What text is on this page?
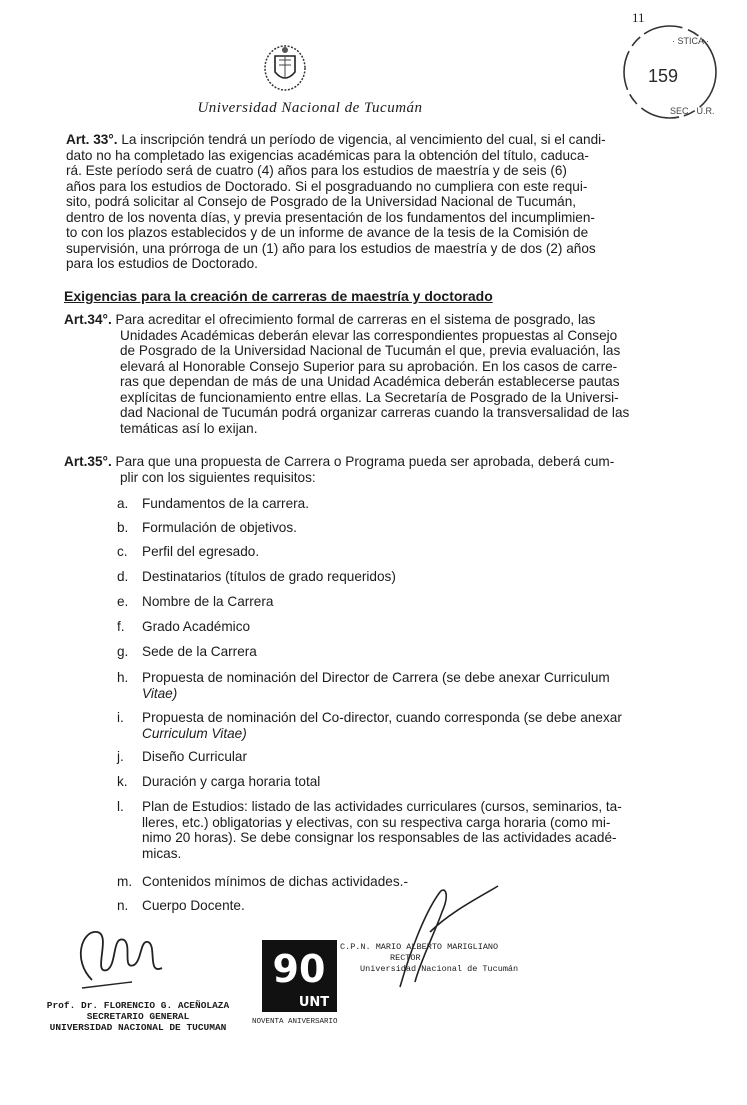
11
Universidad Nacional de Tucumán
· STICA ·
SEC · U.R.
159
Art. 33°. La inscripción tendrá un período de vigencia, al vencimiento del cual, si el candi-
dato no ha completado las exigencias académicas para la obtención del título, caduca-
rá. Este período será de cuatro (4) años para los estudios de maestría y de seis (6)
años para los estudios de Doctorado. Si el posgraduando no cumpliera con este requi-
sito, podrá solicitar al Consejo de Posgrado de la Universidad Nacional de Tucumán,
dentro de los noventa días, y previa presentación de los fundamentos del incumplimien-
to con los plazos establecidos y de un informe de avance de la tesis de la Comisión de
supervisión, una prórroga de un (1) año para los estudios de maestría y de dos (2) años
para los estudios de Doctorado.
Exigencias para la creación de carreras de maestría y doctorado
Art.34°. Para acreditar el ofrecimiento formal de carreras en el sistema de posgrado, las
Unidades Académicas deberán elevar las correspondientes propuestas al Consejo
de Posgrado de la Universidad Nacional de Tucumán el que, previa evaluación, las
elevará al Honorable Consejo Superior para su aprobación. En los casos de carre-
ras que dependan de más de una Unidad Académica deberán establecerse pautas
explícitas de funcionamiento entre ellas. La Secretaría de Posgrado de la Universi-
dad Nacional de Tucumán podrá organizar carreras cuando la transversalidad de las
temáticas así lo exijan.
Art.35°. Para que una propuesta de Carrera o Programa pueda ser aprobada, deberá cum-
plir con los siguientes requisitos:
a.	Fundamentos de la carrera.
b.	Formulación de objetivos.
c.	Perfil del egresado.
d.	Destinatarios (títulos de grado requeridos)
e.	Nombre de la Carrera
f.	Grado Académico
g.	Sede de la Carrera
h.	Propuesta de nominación del Director de Carrera (se debe anexar Curriculum
Vitae)
i.	Propuesta de nominación del Co-director, cuando corresponda (se debe anexar
Curriculum Vitae)
j.	Diseño Curricular
k.	Duración y carga horaria total
l.	Plan de Estudios: listado de las actividades curriculares (cursos, seminarios, ta-
lleres, etc.) obligatorias y electivas, con su respectiva carga horaria (como mi-
nimo 20 horas). Se debe consignar los responsables de las actividades acadé-
micas.
m. Contenidos mínimos de dichas actividades.-
n.	Cuerpo Docente.
Prof. Dr. FLORENCIO G. ACEÑOLAZA
SECRETARIO GENERAL
UNIVERSIDAD NACIONAL DE TUCUMAN
90
UNT
NOVENTA ANIVERSARIO
C.P.N. MARIO ALBERTO MARIGLIANO
RECTOR
Universidad Nacional de Tucumán
